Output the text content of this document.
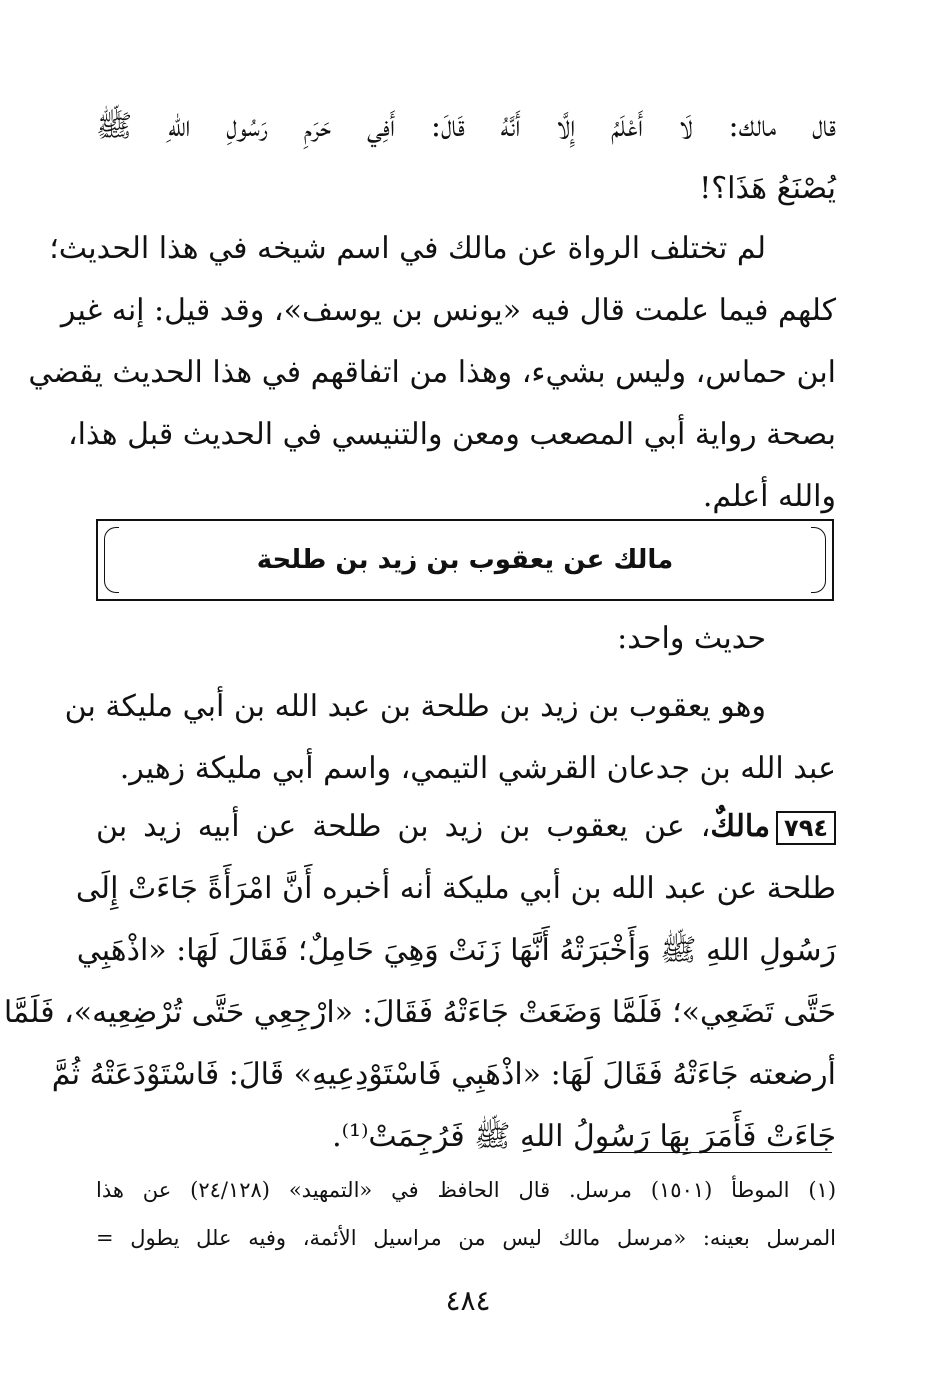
قال مالك: لَا أَعْلَمُ إِلَّا أَنَّهُ قَالَ: أَفِي حَرَمِ رَسُولِ اللهِ ﷺ
يُصْنَعُ هَذَا؟!
لم تختلف الرواة عن مالك في اسم شيخه في هذا الحديث؛
كلهم فيما علمت قال فيه «يونس بن يوسف»، وقد قيل: إنه غير
ابن حماس، وليس بشيء، وهذا من اتفاقهم في هذا الحديث يقضي
بصحة رواية أبي المصعب ومعن والتنيسي في الحديث قبل هذا،
والله أعلم.
مالك عن يعقوب بن زيد بن طلحة
حديث واحد:
وهو يعقوب بن زيد بن طلحة بن عبد الله بن أبي مليكة بن
عبد الله بن جدعان القرشي التيمي، واسم أبي مليكة زهير.
٧٩٤مالكٌ، عن يعقوب بن زيد بن طلحة عن أبيه زيد بن
طلحة عن عبد الله بن أبي مليكة أنه أخبره أَنَّ امْرَأَةً جَاءَتْ إِلَى
رَسُولِ اللهِ ﷺ وَأَخْبَرَتْهُ أَنَّهَا زَنَتْ وَهِيَ حَامِلٌ؛ فَقَالَ لَهَا: «اذْهَبِي
حَتَّى تَضَعِي»؛ فَلَمَّا وَضَعَتْ جَاءَتْهُ فَقَالَ: «ارْجِعِي حَتَّى تُرْضِعِيه»، فَلَمَّا
أرضعته جَاءَتْهُ فَقَالَ لَهَا: «اذْهَبِي فَاسْتَوْدِعِيهِ» قَالَ: فَاسْتَوْدَعَتْهُ ثُمَّ
جَاءَتْ فَأَمَرَ بِهَا رَسُولُ اللهِ ﷺ فَرُجِمَتْ⁽¹⁾.
(١) الموطأ (١٥٠١) مرسل. قال الحافظ في «التمهيد» (٢٤/١٢٨) عن هذا
المرسل بعينه: «مرسل مالك ليس من مراسيل الأئمة، وفيه علل يطول =
٤٨٤
